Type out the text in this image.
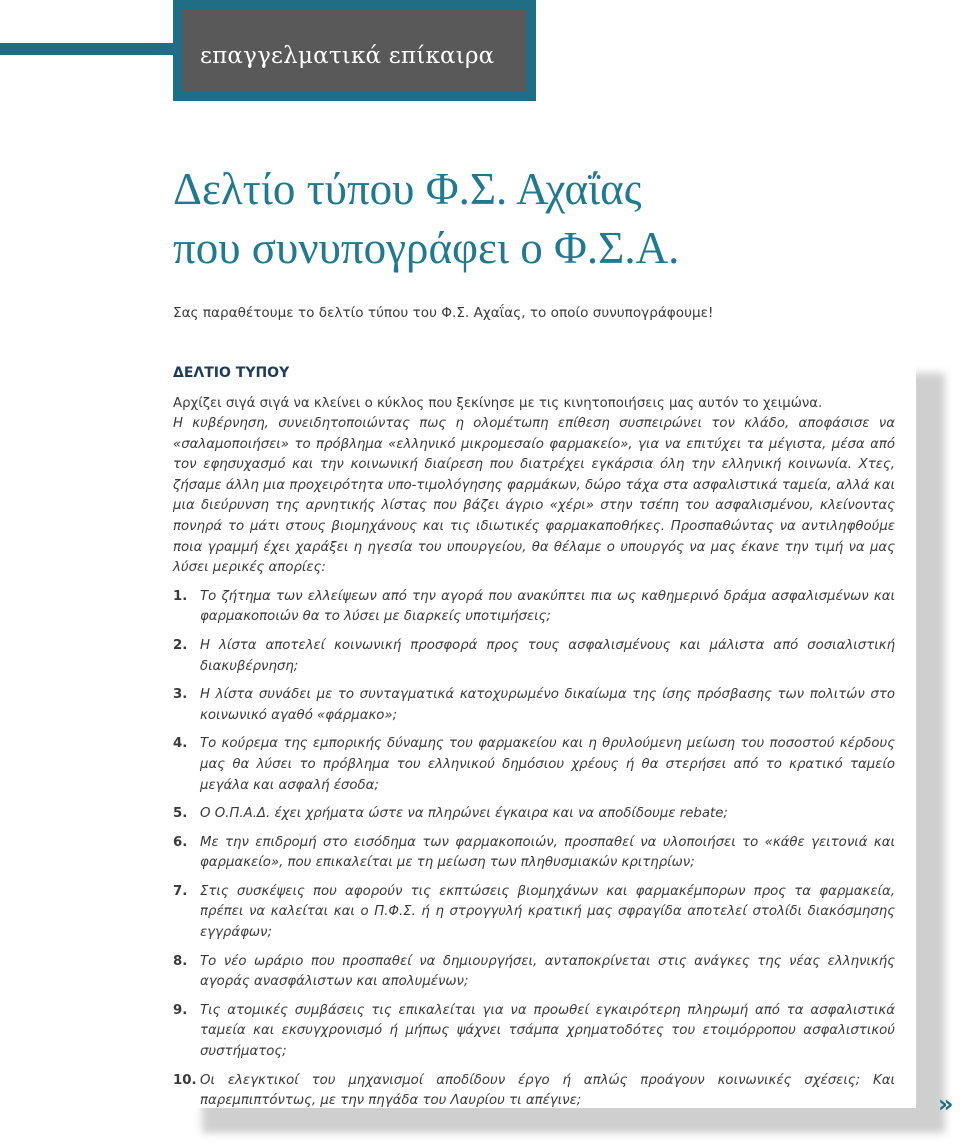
επαγγελματικά επίκαιρα
Δελτίο τύπου Φ.Σ. Αχαΐας
που συνυπογράφει ο Φ.Σ.Α.

Σας παραθέτουμε το δελτίο τύπου του Φ.Σ. Αχαΐας, το οποίο συνυπογράφουμε!

ΔΕΛΤΙΟ ΤΥΠΟΥ

Αρχίζει σιγά σιγά να κλείνει ο κύκλος που ξεκίνησε με τις κινητοποιήσεις μας αυτόν το χειμώνα.

Η κυβέρνηση, συνειδητοποιώντας πως η ολομέτωπη επίθεση συσπειρώνει τον κλάδο, αποφάσισε να «σαλαμοποιήσει» το πρόβλημα «ελληνικό μικρομεσαίο φαρμακείο», για να επιτύχει τα μέγιστα, μέσα από τον εφησυχασμό και την κοινωνική διαίρεση που διατρέχει εγκάρσια όλη την ελληνική κοινωνία. Χτες, ζήσαμε άλλη μια προχειρότητα υπο-τιμολόγησης φαρμάκων, δώρο τάχα στα ασφαλιστικά ταμεία, αλλά και μια διεύρυνση της αρνητικής λίστας που βάζει άγριο «χέρι» στην τσέπη του ασφαλισμένου, κλείνοντας πονηρά το μάτι στους βιομηχάνους και τις ιδιωτικές φαρμακαποθήκες. Προσπαθώντας να αντιληφθούμε ποια γραμμή έχει χαράξει η ηγεσία του υπουργείου, θα θέλαμε ο υπουργός να μας έκανε την τιμή να μας λύσει μερικές απορίες:

1. Το ζήτημα των ελλείψεων από την αγορά που ανακύπτει πια ως καθημερινό δράμα ασφαλισμένων και φαρμακοποιών θα το λύσει με διαρκείς υποτιμήσεις;
2. Η λίστα αποτελεί κοινωνική προσφορά προς τους ασφαλισμένους και μάλιστα από σοσιαλιστική διακυβέρνηση;
3. Η λίστα συνάδει με το συνταγματικά κατοχυρωμένο δικαίωμα της ίσης πρόσβασης των πολιτών στο κοινωνικό αγαθό «φάρμακο»;
4. Το κούρεμα της εμπορικής δύναμης του φαρμακείου και η θρυλούμενη μείωση του ποσοστού κέρδους μας θα λύσει το πρόβλημα του ελληνικού δημόσιου χρέους ή θα στερήσει από το κρατικό ταμείο μεγάλα και ασφαλή έσοδα;
5. Ο Ο.Π.Α.Δ. έχει χρήματα ώστε να πληρώνει έγκαιρα και να αποδίδουμε rebate;
6. Με την επιδρομή στο εισόδημα των φαρμακοποιών, προσπαθεί να υλοποιήσει το «κάθε γειτονιά και φαρμακείο», που επικαλείται με τη μείωση των πληθυσμιακών κριτηρίων;
7. Στις συσκέψεις που αφορούν τις εκπτώσεις βιομηχάνων και φαρμακέμπορων προς τα φαρμακεία, πρέπει να καλείται και ο Π.Φ.Σ. ή η στρογγυλή κρατική μας σφραγίδα αποτελεί στολίδι διακόσμησης εγγράφων;
8. Το νέο ωράριο που προσπαθεί να δημιουργήσει, ανταποκρίνεται στις ανάγκες της νέας ελληνικής αγοράς ανασφάλιστων και απολυμένων;
9. Τις ατομικές συμβάσεις τις επικαλείται για να προωθεί εγκαιρότερη πληρωμή από τα ασφαλιστικά ταμεία και εκσυγχρονισμό ή μήπως ψάχνει τσάμπα χρηματοδότες του ετοιμόρροπου ασφαλιστικού συστήματος;
10. Οι ελεγκτικοί του μηχανισμοί αποδίδουν έργο ή απλώς προάγουν κοινωνικές σχέσεις; Και παρεμπιπτόντως, με την πηγάδα του Λαυρίου τι απέγινε;	»
